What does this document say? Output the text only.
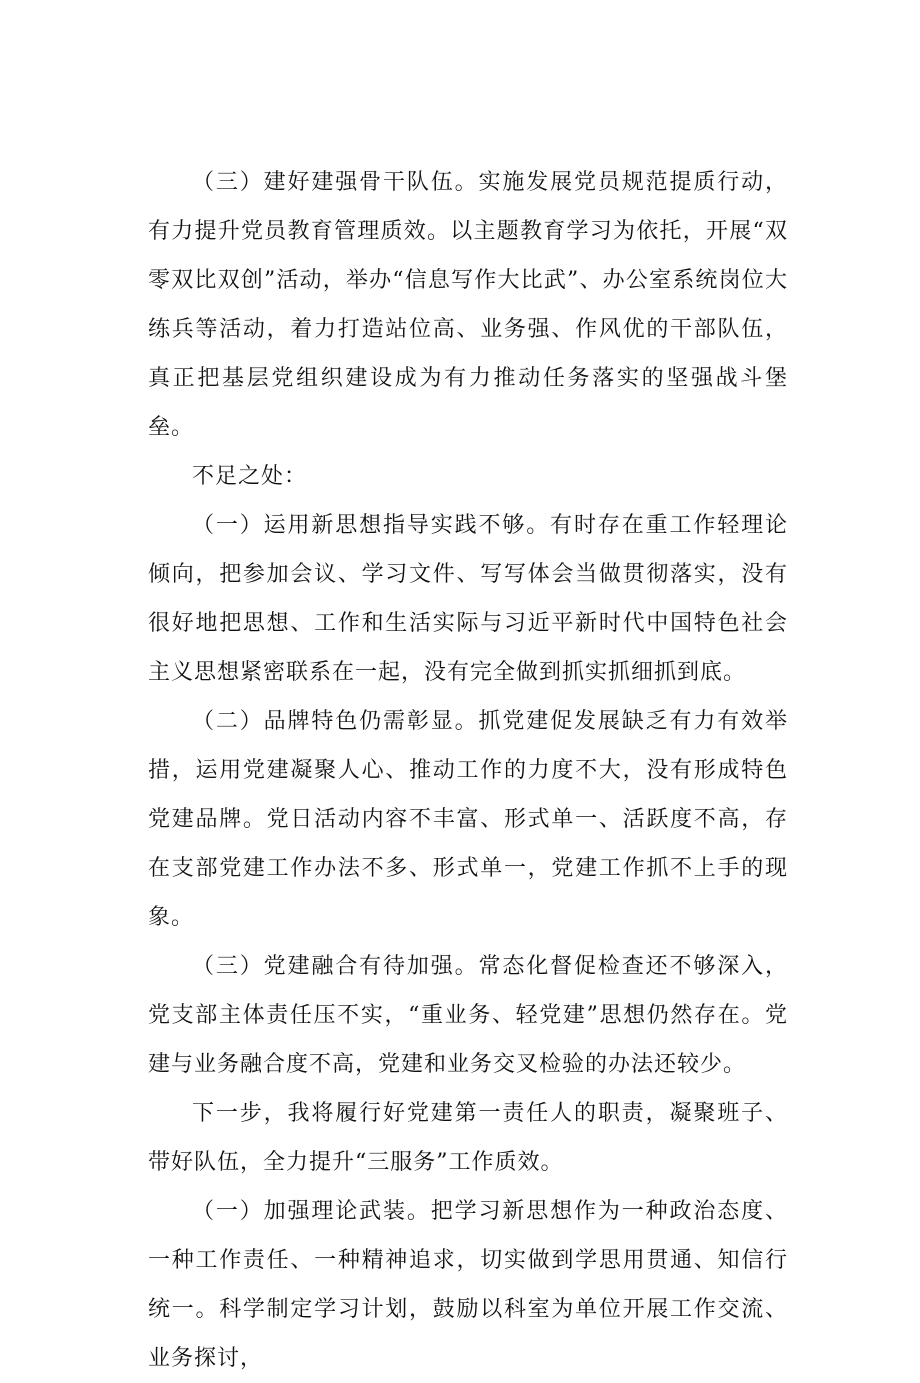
（三）建好建强骨干队伍。实施发展党员规范提质行动，有力提升党员教育管理质效。以主题教育学习为依托，开展“双零双比双创”活动，举办“信息写作大比武”、办公室系统岗位大练兵等活动，着力打造站位高、业务强、作风优的干部队伍，真正把基层党组织建设成为有力推动任务落实的坚强战斗堡垒。

不足之处：

（一）运用新思想指导实践不够。有时存在重工作轻理论倾向，把参加会议、学习文件、写写体会当做贯彻落实，没有很好地把思想、工作和生活实际与习近平新时代中国特色社会主义思想紧密联系在一起，没有完全做到抓实抓细抓到底。

（二）品牌特色仍需彰显。抓党建促发展缺乏有力有效举措，运用党建凝聚人心、推动工作的力度不大，没有形成特色党建品牌。党日活动内容不丰富、形式单一、活跃度不高，存在支部党建工作办法不多、形式单一，党建工作抓不上手的现象。

（三）党建融合有待加强。常态化督促检查还不够深入，党支部主体责任压不实，“重业务、轻党建”思想仍然存在。党建与业务融合度不高，党建和业务交叉检验的办法还较少。

下一步，我将履行好党建第一责任人的职责，凝聚班子、带好队伍，全力提升“三服务”工作质效。

（一）加强理论武装。把学习新思想作为一种政治态度、一种工作责任、一种精神追求，切实做到学思用贯通、知信行统一。科学制定学习计划，鼓励以科室为单位开展工作交流、业务探讨，
